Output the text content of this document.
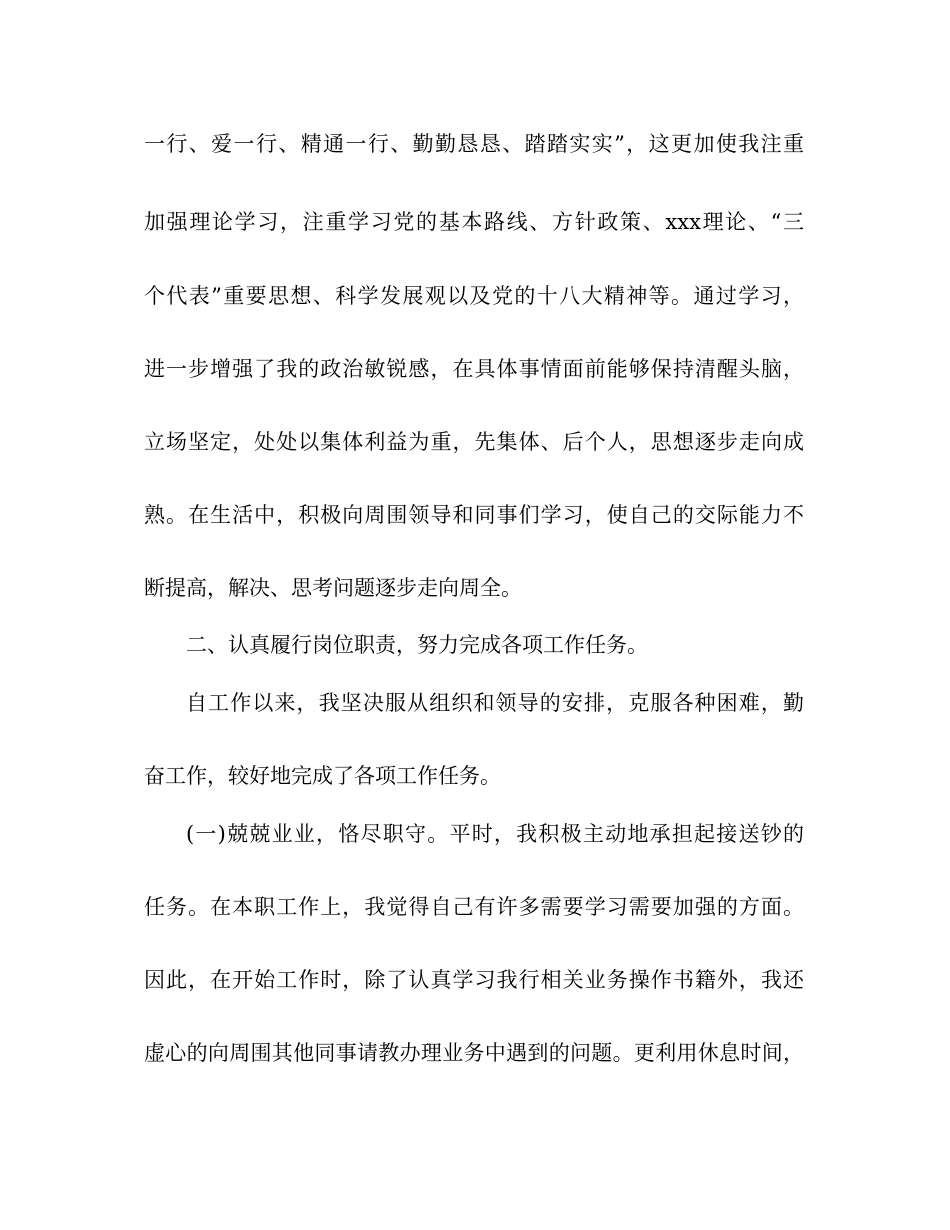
一行、爱一行、精通一行、勤勤恳恳、踏踏实实”，这更加使我注重
加强理论学习，注重学习党的基本路线、方针政策、xxx理论、“三
个代表”重要思想、科学发展观以及党的十八大精神等。通过学习，
进一步增强了我的政治敏锐感，在具体事情面前能够保持清醒头脑，
立场坚定，处处以集体利益为重，先集体、后个人，思想逐步走向成
熟。在生活中，积极向周围领导和同事们学习，使自己的交际能力不
断提高，解决、思考问题逐步走向周全。
二、认真履行岗位职责，努力完成各项工作任务。
自工作以来，我坚决服从组织和领导的安排，克服各种困难，勤
奋工作，较好地完成了各项工作任务。
(一)兢兢业业，恪尽职守。平时，我积极主动地承担起接送钞的
任务。在本职工作上，我觉得自己有许多需要学习需要加强的方面。
因此，在开始工作时，除了认真学习我行相关业务操作书籍外，我还
虚心的向周围其他同事请教办理业务中遇到的问题。更利用休息时间，
